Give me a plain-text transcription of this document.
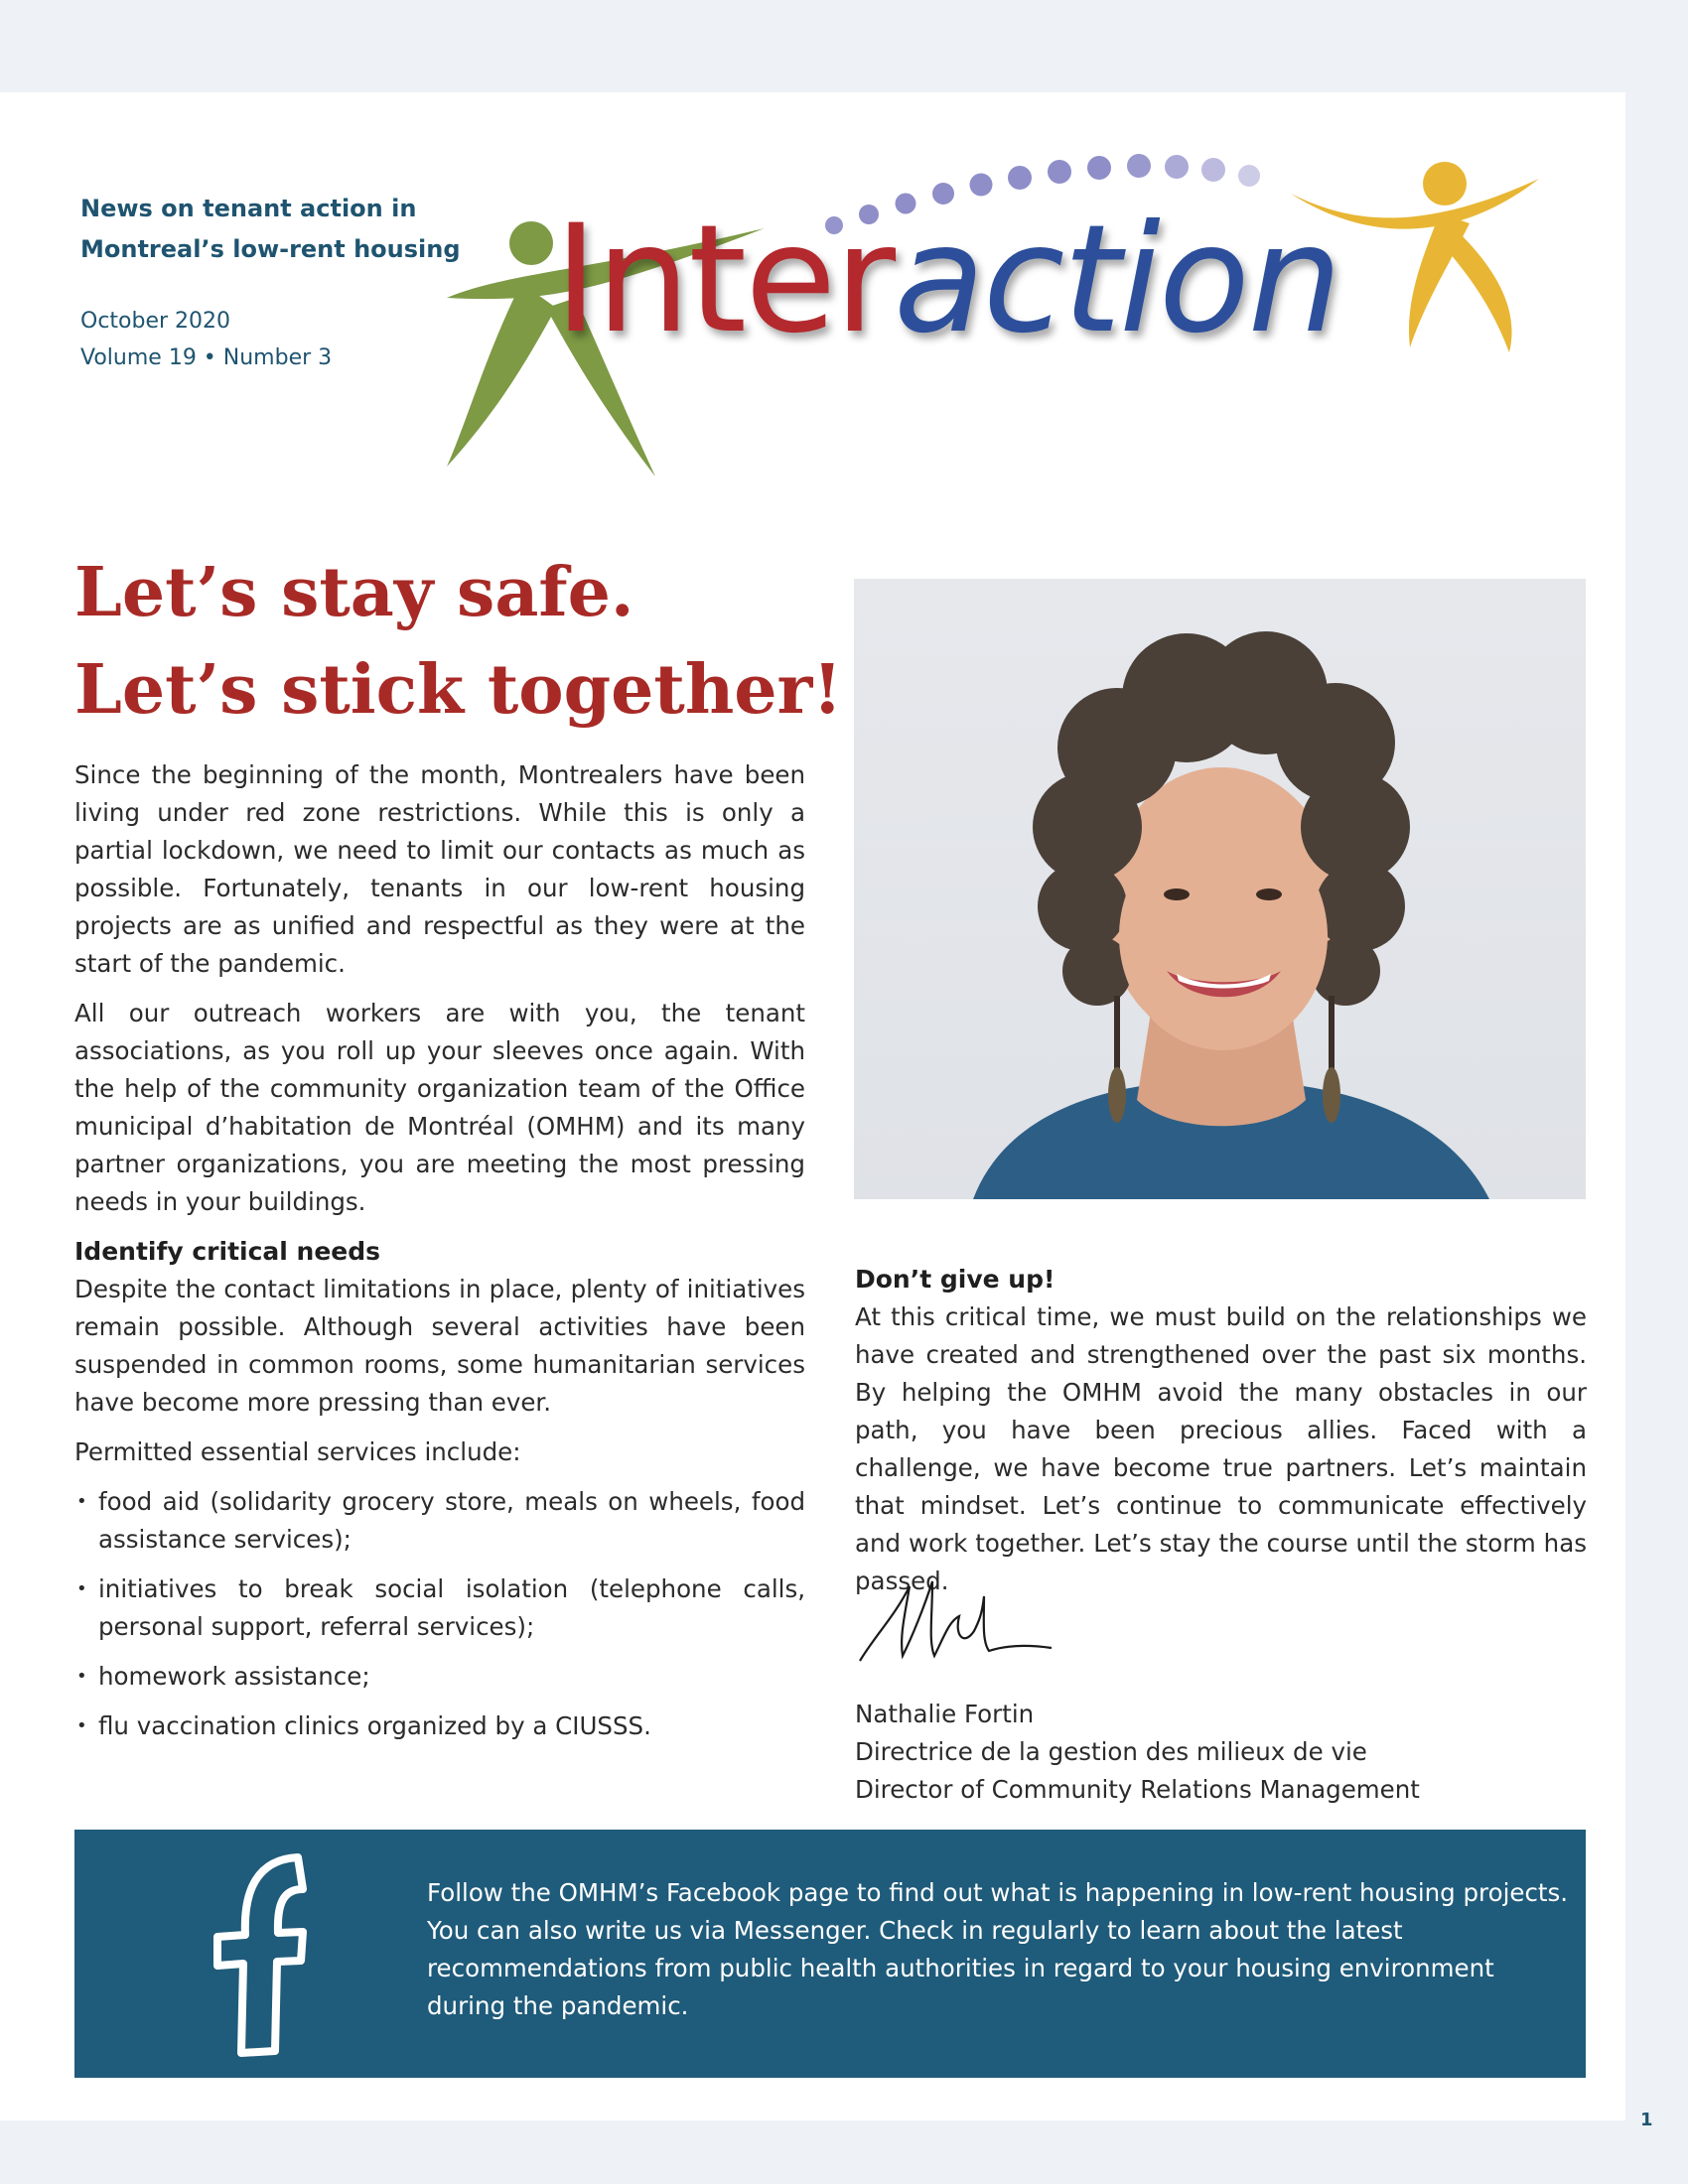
News on tenant action in
Montreal’s low-rent housing
October 2020
Volume 19 • Number 3 Interaction
Let’s stay safe.
Let’s stick together!

Since the beginning of the month, Montrealers have been living under red zone restrictions. While this is only a partial lockdown, we need to limit our contacts as much as possible. Fortunately, tenants in our low-rent housing projects are as unified and respectful as they were at the start of the pandemic.

All our outreach workers are with you, the tenant associations, as you roll up your sleeves once again. With the help of the community organization team of the Office municipal d’habitation de Montréal (OMHM) and its many partner organizations, you are meeting the most pressing needs in your buildings.

Identify critical needs

Despite the contact limitations in place, plenty of initiatives remain possible. Although several activities have been suspended in common rooms, some humanitarian services have become more pressing than ever.

Permitted essential services include:

• food aid (solidarity grocery store, meals on wheels, food assistance services);
• initiatives to break social isolation (telephone calls, personal support, referral services);
• homework assistance;
• flu vaccination clinics organized by a CIUSSS.
Don’t give up!

At this critical time, we must build on the relationships we have created and strengthened over the past six months. By helping the OMHM avoid the many obstacles in our path, you have been precious allies. Faced with a challenge, we have become true partners. Let’s maintain that mindset. Let’s continue to communicate effectively and work together. Let’s stay the course until the storm has passed.

Nathalie Fortin
Directrice de la gestion des milieux de vie
Director of Community Relations Management

Follow the OMHM’s Facebook page to find out what is happening in low-rent housing projects. You can also write us via Messenger. Check in regularly to learn about the latest recommendations from public health authorities in regard to your housing environment during the pandemic.

1
